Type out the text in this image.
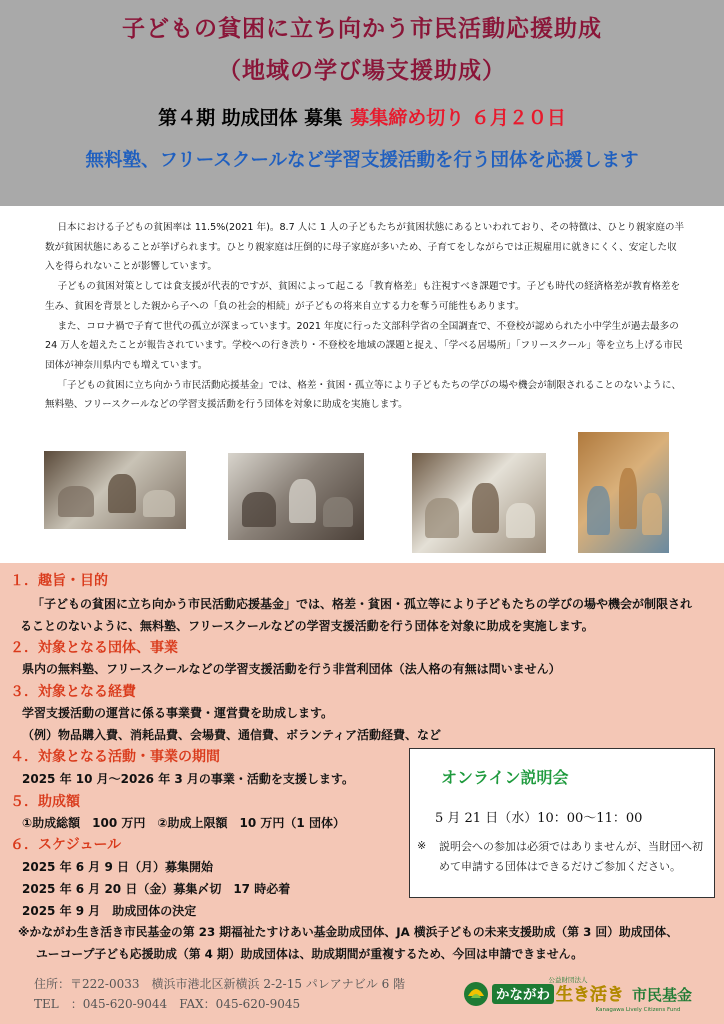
子どもの貧困に立ち向かう市民活動応援助成
（地域の学び場支援助成）
第４期 助成団体 募集 募集締め切り ６月２０日
無料塾、フリースクールなど学習支援活動を行う団体を応援します

日本における子どもの貧困率は 11.5%(2021 年)。8.7 人に 1 人の子どもたちが貧困状態にあるといわれており、その特徴は、ひとり親家庭の半数が貧困状態にあることが挙げられます。ひとり親家庭は圧倒的に母子家庭が多いため、子育てをしながらでは正規雇用に就きにくく、安定した収入を得られないことが影響しています。

子どもの貧困対策としては食支援が代表的ですが、貧困によって起こる「教育格差」も注視すべき課題です。子ども時代の経済格差が教育格差を生み、貧困を背景とした親から子への「負の社会的相続」が子どもの将来自立する力を奪う可能性もあります。

また、コロナ禍で子育て世代の孤立が深まっています。2021 年度に行った文部科学省の全国調査で、不登校が認められた小中学生が過去最多の 24 万人を超えたことが報告されています。学校への行き渋り・不登校を地域の課題と捉え、「学べる居場所」「フリースクール」等を立ち上げる市民団体が神奈川県内でも増えています。

「子どもの貧困に立ち向かう市民活動応援基金」では、格差・貧困・孤立等により子どもたちの学びの場や機会が制限されることのないように、無料塾、フリースクールなどの学習支援活動を行う団体を対象に助成を実施します。

１．趣旨・目的
「子どもの貧困に立ち向かう市民活動応援基金」では、格差・貧困・孤立等により子どもたちの学びの場や機会が制限され
ることのないように、無料塾、フリースクールなどの学習支援活動を行う団体を対象に助成を実施します。
２．対象となる団体、事業
県内の無料塾、フリースクールなどの学習支援活動を行う非営利団体（法人格の有無は問いません）
３．対象となる経費
学習支援活動の運営に係る事業費・運営費を助成します。
（例）物品購入費、消耗品費、会場費、通信費、ボランティア活動経費、など
４．対象となる活動・事業の期間
2025 年 10 月～2026 年 3 月の事業・活動を支援します。
５．助成額
①助成総額　100 万円　②助成上限額　10 万円（1 団体）
６．スケジュール
2025 年 6 月 9 日（月）募集開始
2025 年 6 月 20 日（金）募集〆切　17 時必着
2025 年 9 月　助成団体の決定
※かながわ生き活き市民基金の第 23 期福祉たすけあい基金助成団体、JA 横浜子どもの未来支援助成（第 3 回）助成団体、
ユーコープ子ども応援助成（第 4 期）助成団体は、助成期間が重複するため、今回は申請できません。
オンライン説明会
5 月 21 日（水）10：00～11：00
※ 説明会への参加は必須ではありませんが、当財団へ初めて申請する団体はできるだけご参加ください。
住所：〒222-0033　横浜市港北区新横浜 2-2-15 パレアナビル 6 階
TEL　：045-620-9044　FAX：045-620-9045
公益財団法人
かながわ 生き活き 市民基金
Kanagawa Lively Citizens Fund
